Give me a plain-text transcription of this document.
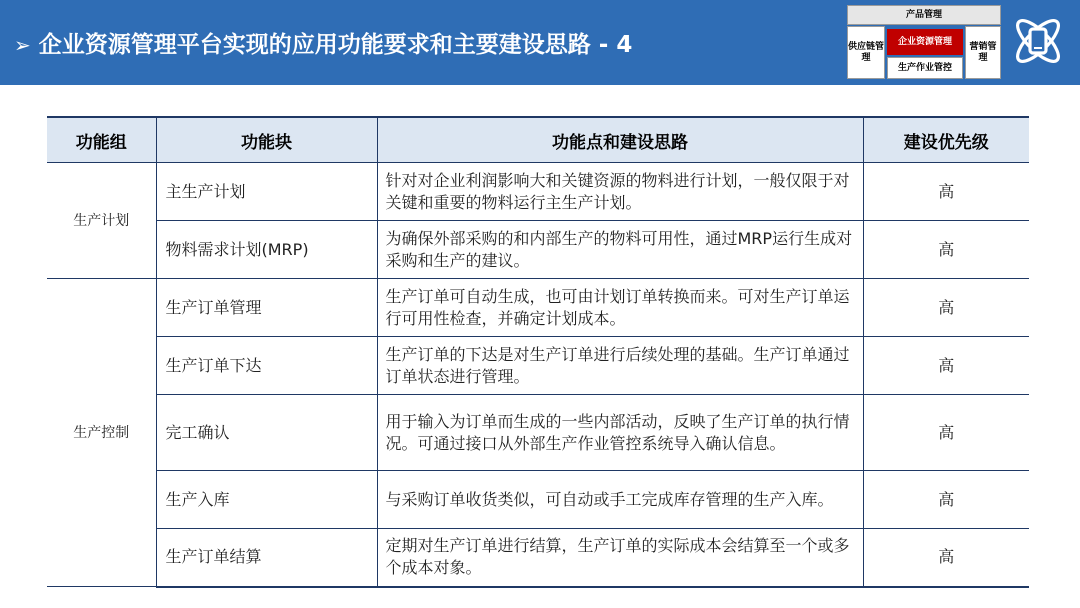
➢ 企业资源管理平台实现的应用功能要求和主要建设思路 - 4
产品管理
供应链管理
企业资源管理
生产作业管控
营销管理
功能组	功能块	功能点和建设思路	建设优先级
生产计划	主生产计划	针对对企业利润影响大和关键资源的物料进行计划，一般仅限于对关键和重要的物料运行主生产计划。	高
	物料需求计划(MRP)	为确保外部采购的和内部生产的物料可用性，通过MRP运行生成对采购和生产的建议。	高
生产控制	生产订单管理	生产订单可自动生成，也可由计划订单转换而来。可对生产订单运行可用性检查，并确定计划成本。	高
	生产订单下达	生产订单的下达是对生产订单进行后续处理的基础。生产订单通过订单状态进行管理。	高
	完工确认	用于输入为订单而生成的一些内部活动，反映了生产订单的执行情况。可通过接口从外部生产作业管控系统导入确认信息。	高
	生产入库	与采购订单收货类似，可自动或手工完成库存管理的生产入库。	高
	生产订单结算	定期对生产订单进行结算，生产订单的实际成本会结算至一个或多个成本对象。	高
